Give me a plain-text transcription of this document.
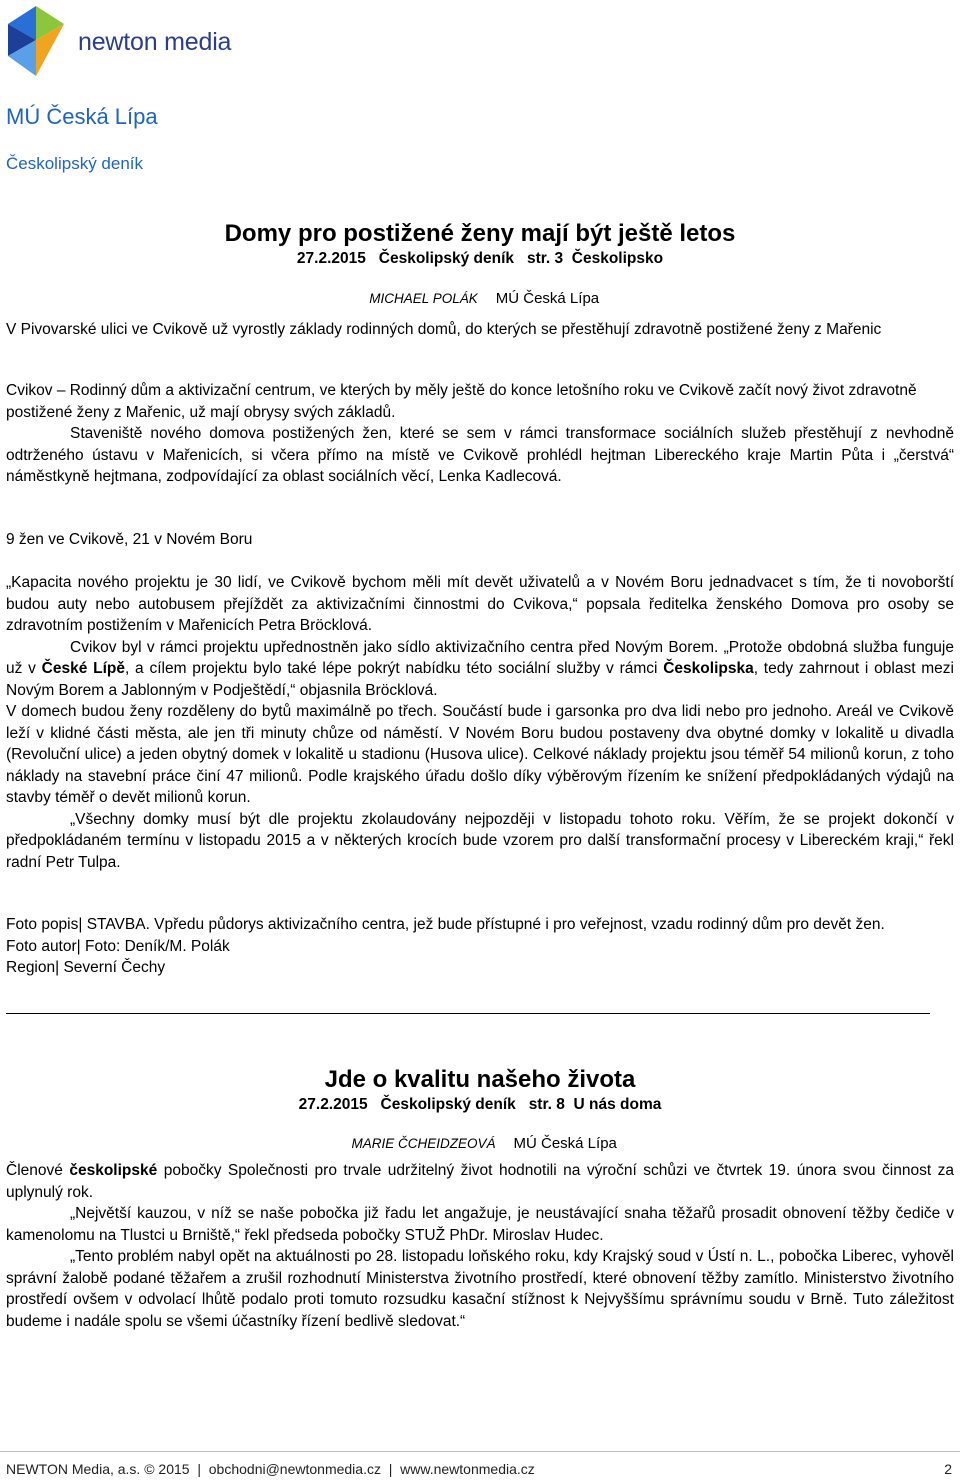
newton media
MÚ Česká Lípa
Českolipský deník
Domy pro postižené ženy mají být ještě letos
27.2.2015   Českolipský deník   str. 3  Českolipsko

MICHAEL POLÁK MÚ Česká Lípa

V Pivovarské ulici ve Cvikově už vyrostly základy rodinných domů, do kterých se přestěhují zdravotně postižené ženy z Mařenic
Cvikov – Rodinný dům a aktivizační centrum, ve kterých by měly ještě do konce letošního roku ve Cvikově začít nový život zdravotně postižené ženy z Mařenic, už mají obrysy svých základů.
Staveniště nového domova postižených žen, které se sem v rámci transformace sociálních služeb přestěhují z nevhodně odtrženého ústavu v Mařenicích, si včera přímo na místě ve Cvikově prohlédl hejtman Libereckého kraje Martin Půta i „čerstvá“ náměstkyně hejtmana, zodpovídající za oblast sociálních věcí, Lenka Kadlecová.
9 žen ve Cvikově, 21 v Novém Boru
„Kapacita nového projektu je 30 lidí, ve Cvikově bychom měli mít devět uživatelů a v Novém Boru jednadvacet s tím, že ti novoborští budou auty nebo autobusem přejíždět za aktivizačními činnostmi do Cvikova,“ popsala ředitelka ženského Domova pro osoby se zdravotním postižením v Mařenicích Petra Bröcklová.
Cvikov byl v rámci projektu upřednostněn jako sídlo aktivizačního centra před Novým Borem. „Protože obdobná služba funguje už v České Lípě, a cílem projektu bylo také lépe pokrýt nabídku této sociální služby v rámci Českolipska, tedy zahrnout i oblast mezi Novým Borem a Jablonným v Podještědí,“ objasnila Bröcklová.
V domech budou ženy rozděleny do bytů maximálně po třech. Součástí bude i garsonka pro dva lidi nebo pro jednoho. Areál ve Cvikově leží v klidné části města, ale jen tři minuty chůze od náměstí. V Novém Boru budou postaveny dva obytné domky v lokalitě u divadla (Revoluční ulice) a jeden obytný domek v lokalitě u stadionu (Husova ulice). Celkové náklady projektu jsou téměř 54 milionů korun, z toho náklady na stavební práce činí 47 milionů. Podle krajského úřadu došlo díky výběrovým řízením ke snížení předpokládaných výdajů na stavby téměř o devět milionů korun.
„Všechny domky musí být dle projektu zkolaudovány nejpozději v listopadu tohoto roku. Věřím, že se projekt dokončí v předpokládaném termínu v listopadu 2015 a v některých krocích bude vzorem pro další transformační procesy v Libereckém kraji,“ řekl radní Petr Tulpa.
Foto popis| STAVBA. Vpředu půdorys aktivizačního centra, jež bude přístupné i pro veřejnost, vzadu rodinný dům pro devět žen.
Foto autor| Foto: Deník/M. Polák
Region| Severní Čechy
Jde o kvalitu našeho života
27.2.2015   Českolipský deník   str. 8  U nás doma

MARIE ČCHEIDZEOVÁ MÚ Česká Lípa

Členové českolipské pobočky Společnosti pro trvale udržitelný život hodnotili na výroční schůzi ve čtvrtek 19. února svou činnost za uplynulý rok.
„Největší kauzou, v níž se naše pobočka již řadu let angažuje, je neustávající snaha těžařů prosadit obnovení těžby čediče v kamenolomu na Tlustci u Brniště,“ řekl předseda pobočky STUŽ PhDr. Miroslav Hudec.
„Tento problém nabyl opět na aktuálnosti po 28. listopadu loňského roku, kdy Krajský soud v Ústí n. L., pobočka Liberec, vyhověl správní žalobě podané těžařem a zrušil rozhodnutí Ministerstva životního prostředí, které obnovení těžby zamítlo. Ministerstvo životního prostředí ovšem v odvolací lhůtě podalo proti tomuto rozsudku kasační stížnost k Nejvyššímu správnímu soudu v Brně. Tuto záležitost budeme i nadále spolu se všemi účastníky řízení bedlivě sledovat.“
NEWTON Media, a.s. © 2015  |  obchodni@newtonmedia.cz  |  www.newtonmedia.cz	2
